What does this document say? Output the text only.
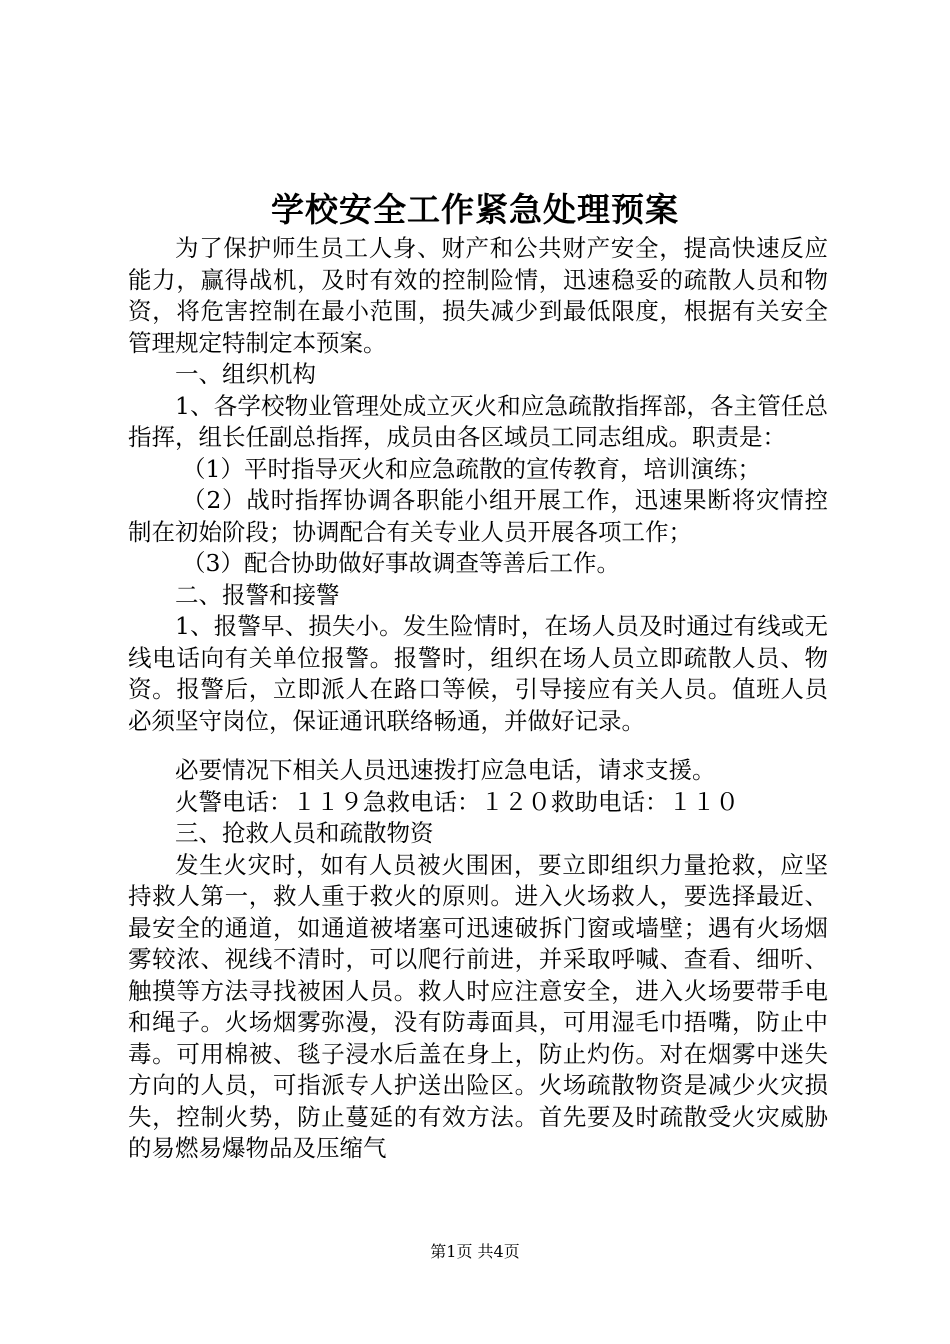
学校安全工作紧急处理预案

为了保护师生员工人身、财产和公共财产安全，提高快速反应能力，赢得战机，及时有效的控制险情，迅速稳妥的疏散人员和物资，将危害控制在最小范围，损失减少到最低限度，根据有关安全管理规定特制定本预案。

一、组织机构

1、各学校物业管理处成立灭火和应急疏散指挥部，各主管任总指挥，组长任副总指挥，成员由各区域员工同志组成。职责是：

（1）平时指导灭火和应急疏散的宣传教育，培训演练；

（2）战时指挥协调各职能小组开展工作，迅速果断将灾情控制在初始阶段；协调配合有关专业人员开展各项工作；

（3）配合协助做好事故调查等善后工作。

二、报警和接警

1、报警早、损失小。发生险情时，在场人员及时通过有线或无线电话向有关单位报警。报警时，组织在场人员立即疏散人员、物资。报警后，立即派人在路口等候，引导接应有关人员。值班人员必须坚守岗位，保证通讯联络畅通，并做好记录。

必要情况下相关人员迅速拨打应急电话，请求支援。

火警电话：１１９急救电话：１２０救助电话：１１０

三、抢救人员和疏散物资

发生火灾时，如有人员被火围困，要立即组织力量抢救，应坚持救人第一，救人重于救火的原则。进入火场救人，要选择最近、最安全的通道，如通道被堵塞可迅速破拆门窗或墙壁；遇有火场烟雾较浓、视线不清时，可以爬行前进，并采取呼喊、查看、细听、触摸等方法寻找被困人员。救人时应注意安全，进入火场要带手电和绳子。火场烟雾弥漫，没有防毒面具，可用湿毛巾捂嘴，防止中毒。可用棉被、毯子浸水后盖在身上，防止灼伤。对在烟雾中迷失方向的人员，可指派专人护送出险区。火场疏散物资是减少火灾损失，控制火势，防止蔓延的有效方法。首先要及时疏散受火灾威胁的易燃易爆物品及压缩气

第1页 共4页
